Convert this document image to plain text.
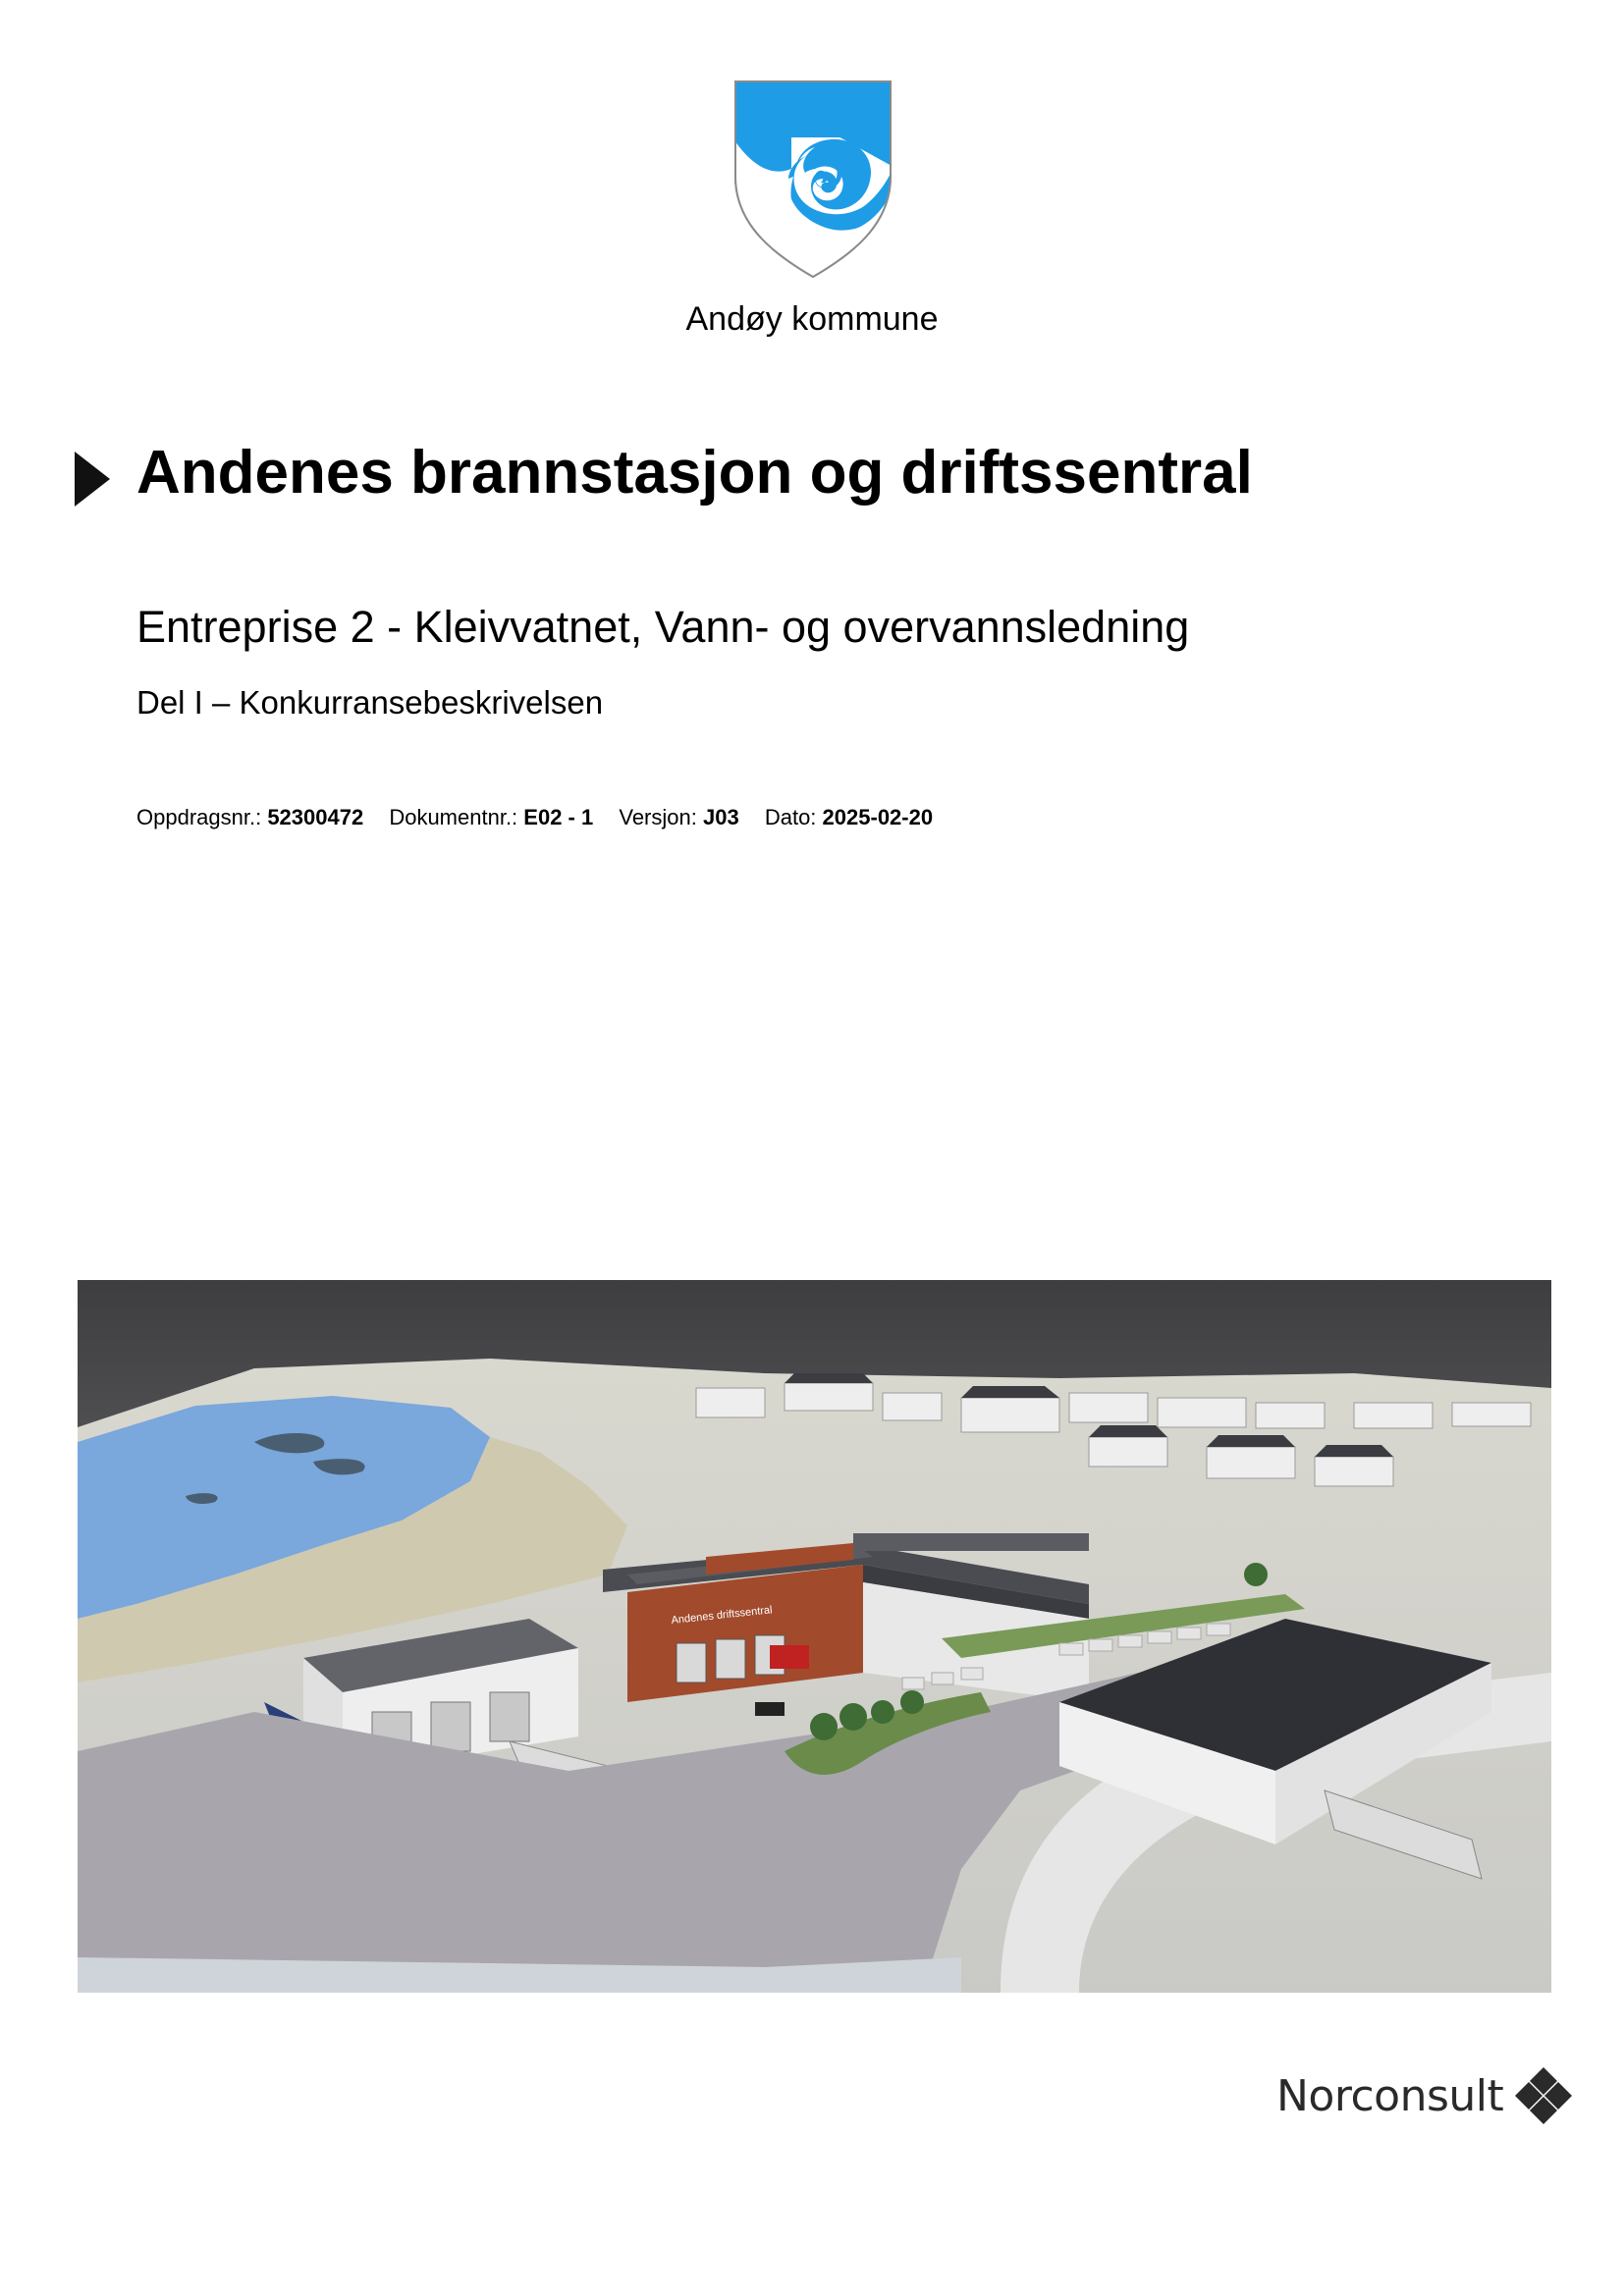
Andøy kommune
Andenes brannstasjon og driftssentral
Entreprise 2 - Kleivvatnet, Vann- og overvannsledning
Del I – Konkurransebeskrivelsen
Oppdragsnr.: 52300472 Dokumentnr.: E02 - 1 Versjon: J03 Dato: 2025-02-20
Andenes driftssentral
Norconsult
